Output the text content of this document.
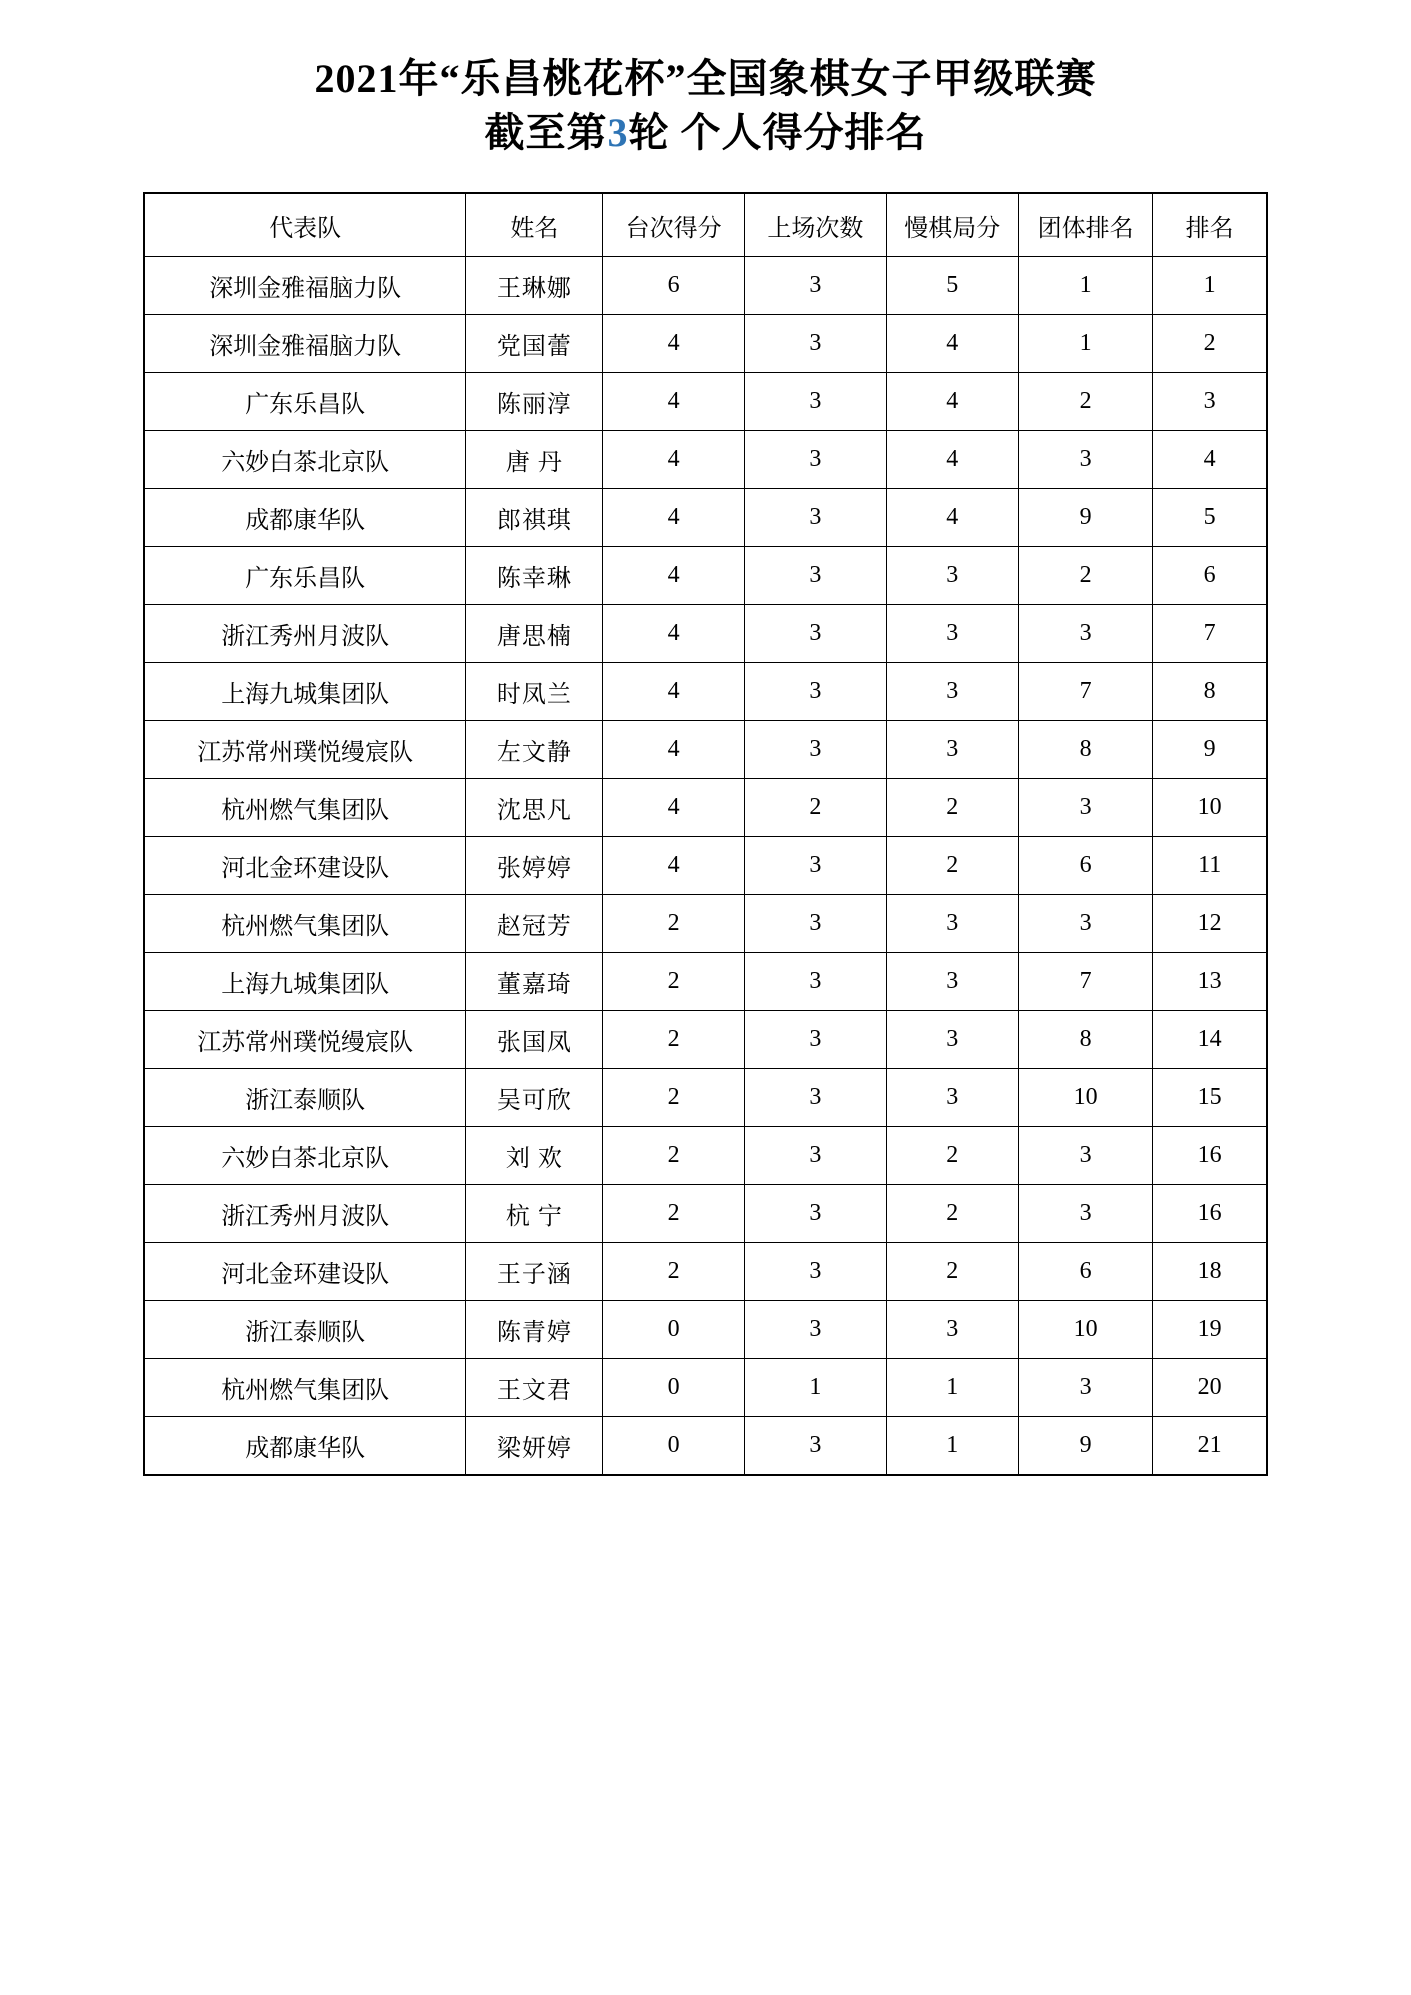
2021年“乐昌桃花杯”全国象棋女子甲级联赛
截至第3轮 个人得分排名
代表队	姓名	台次得分	上场次数	慢棋局分	团体排名	排名
深圳金雅福脑力队	王琳娜	6	3	5	1	1
深圳金雅福脑力队	党国蕾	4	3	4	1	2
广东乐昌队	陈丽淳	4	3	4	2	3
六妙白茶北京队	唐 丹	4	3	4	3	4
成都康华队	郎祺琪	4	3	4	9	5
广东乐昌队	陈幸琳	4	3	3	2	6
浙江秀州月波队	唐思楠	4	3	3	3	7
上海九城集团队	时凤兰	4	3	3	7	8
江苏常州璞悦缦宸队	左文静	4	3	3	8	9
杭州燃气集团队	沈思凡	4	2	2	3	10
河北金环建设队	张婷婷	4	3	2	6	11
杭州燃气集团队	赵冠芳	2	3	3	3	12
上海九城集团队	董嘉琦	2	3	3	7	13
江苏常州璞悦缦宸队	张国凤	2	3	3	8	14
浙江泰顺队	吴可欣	2	3	3	10	15
六妙白茶北京队	刘 欢	2	3	2	3	16
浙江秀州月波队	杭 宁	2	3	2	3	16
河北金环建设队	王子涵	2	3	2	6	18
浙江泰顺队	陈青婷	0	3	3	10	19
杭州燃气集团队	王文君	0	1	1	3	20
成都康华队	梁妍婷	0	3	1	9	21
